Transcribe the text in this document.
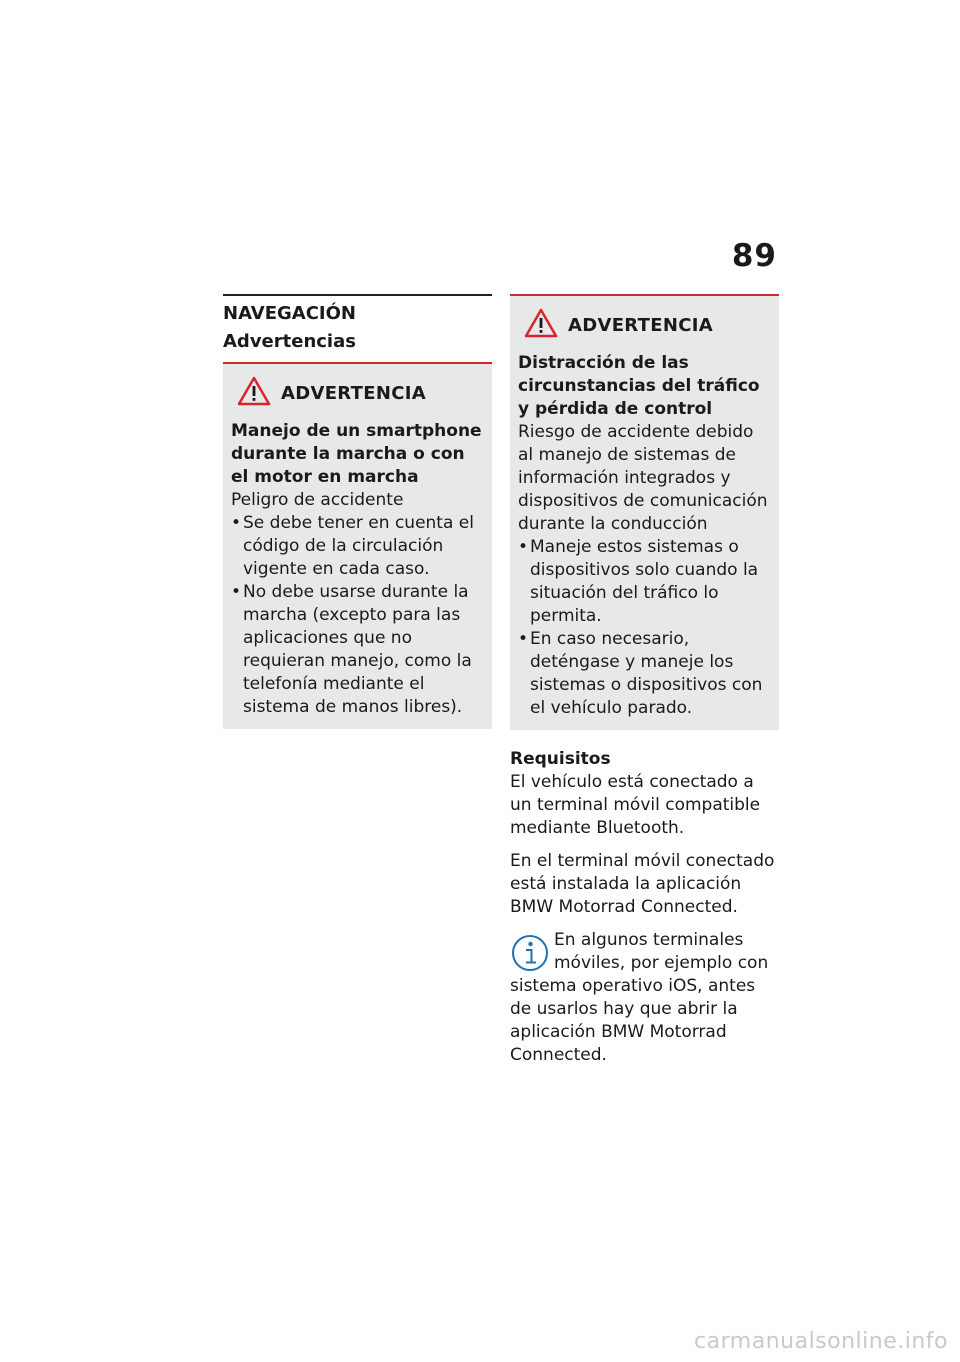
89
NAVEGACIÓN
Advertencias
ADVERTENCIA
Manejo de un smartphone durante la marcha o con el motor en marcha
Peligro de accidente
• Se debe tener en cuenta el código de la circulación vigente en cada caso.
• No debe usarse durante la marcha (excepto para las aplicaciones que no requieran manejo, como la telefonía mediante el sistema de manos libres).
ADVERTENCIA
Distracción de las circunstancias del tráfico y pérdida de control
Riesgo de accidente debido al manejo de sistemas de información integrados y dispositivos de comunicación durante la conducción
• Maneje estos sistemas o dispositivos solo cuando la situación del tráfico lo permita.
• En caso necesario, deténgase y maneje los sistemas o dispositivos con el vehículo parado.
Requisitos
El vehículo está conectado a un terminal móvil compatible mediante Bluetooth.
En el terminal móvil conectado está instalada la aplicación BMW Motorrad Connected.
En algunos terminales móviles, por ejemplo con sistema operativo iOS, antes de usarlos hay que abrir la aplicación BMW Motorrad Connected.
carmanualsonline.info
